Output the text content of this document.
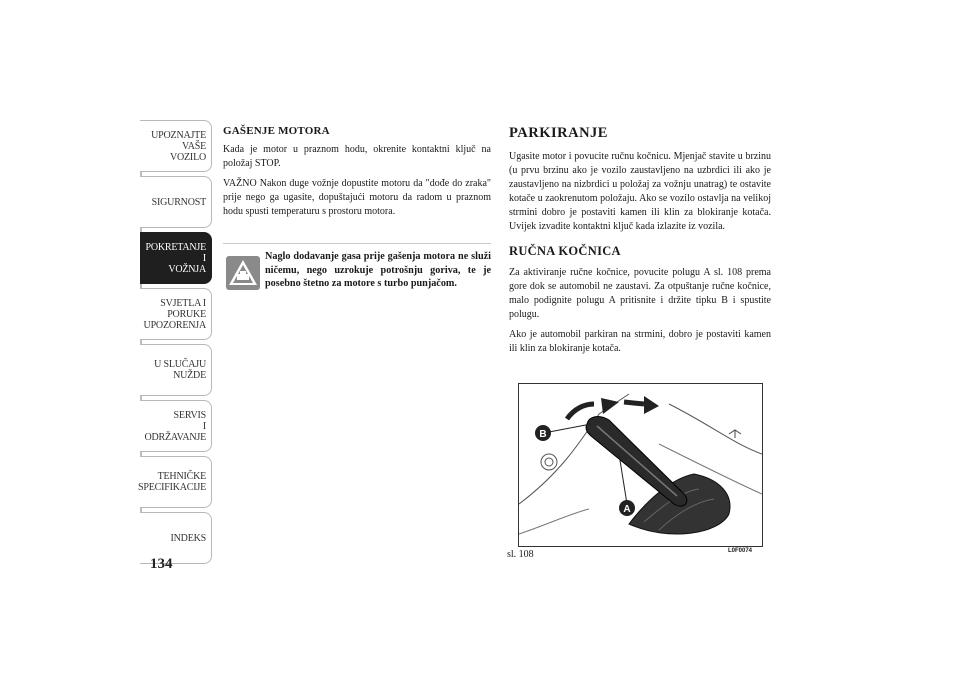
UPOZNAJTE
VAŠE
VOZILO
SIGURNOST
POKRETANJE
I
VOŽNJA
SVJETLA I
PORUKE
UPOZORENJA
U SLUČAJU
NUŽDE
SERVIS
I
ODRŽAVANJE
TEHNIČKE
SPECIFIKACIJE
INDEKS
134
GAŠENJE MOTORA

Kada je motor u praznom hodu, okrenite kontaktni ključ na položaj STOP.

VAŽNO Nakon duge vožnje dopustite motoru da "dođe do zraka" prije nego ga ugasite, dopuštajući motoru da radom u praznom hodu spusti temperaturu s prostoru motora.

Naglo dodavanje gasa prije gašenja motora ne služi ničemu, nego uzrokuje potrošnju goriva, te je posebno štetno za motore s turbo punjačom.

PARKIRANJE

Ugasite motor i povucite ručnu kočnicu. Mjenjač stavite u brzinu (u prvu brzinu ako je vozilo zaustavljeno na uzbrdici ili ako je zaustavljeno na nizbrdici u položaj za vožnju unatrag) te ostavite kotače u zaokrenutom položaju. Ako se vozilo ostavlja na velikoj strmini dobro je postaviti kamen ili klin za blokiranje kotača. Uvijek izvadite kontaktni ključ kada izlazite iz vozila.

RUČNA KOČNICA

Za aktiviranje ručne kočnice, povucite polugu A sl. 108 prema gore dok se automobil ne zaustavi. Za otpuštanje ručne kočnice, malo podignite polugu A pritisnite i držite tipku B i spustite polugu.

Ako je automobil parkiran na strmini, dobro je postaviti kamen ili klin za blokiranje kotača.

B
A
sl. 108	L0F0074
